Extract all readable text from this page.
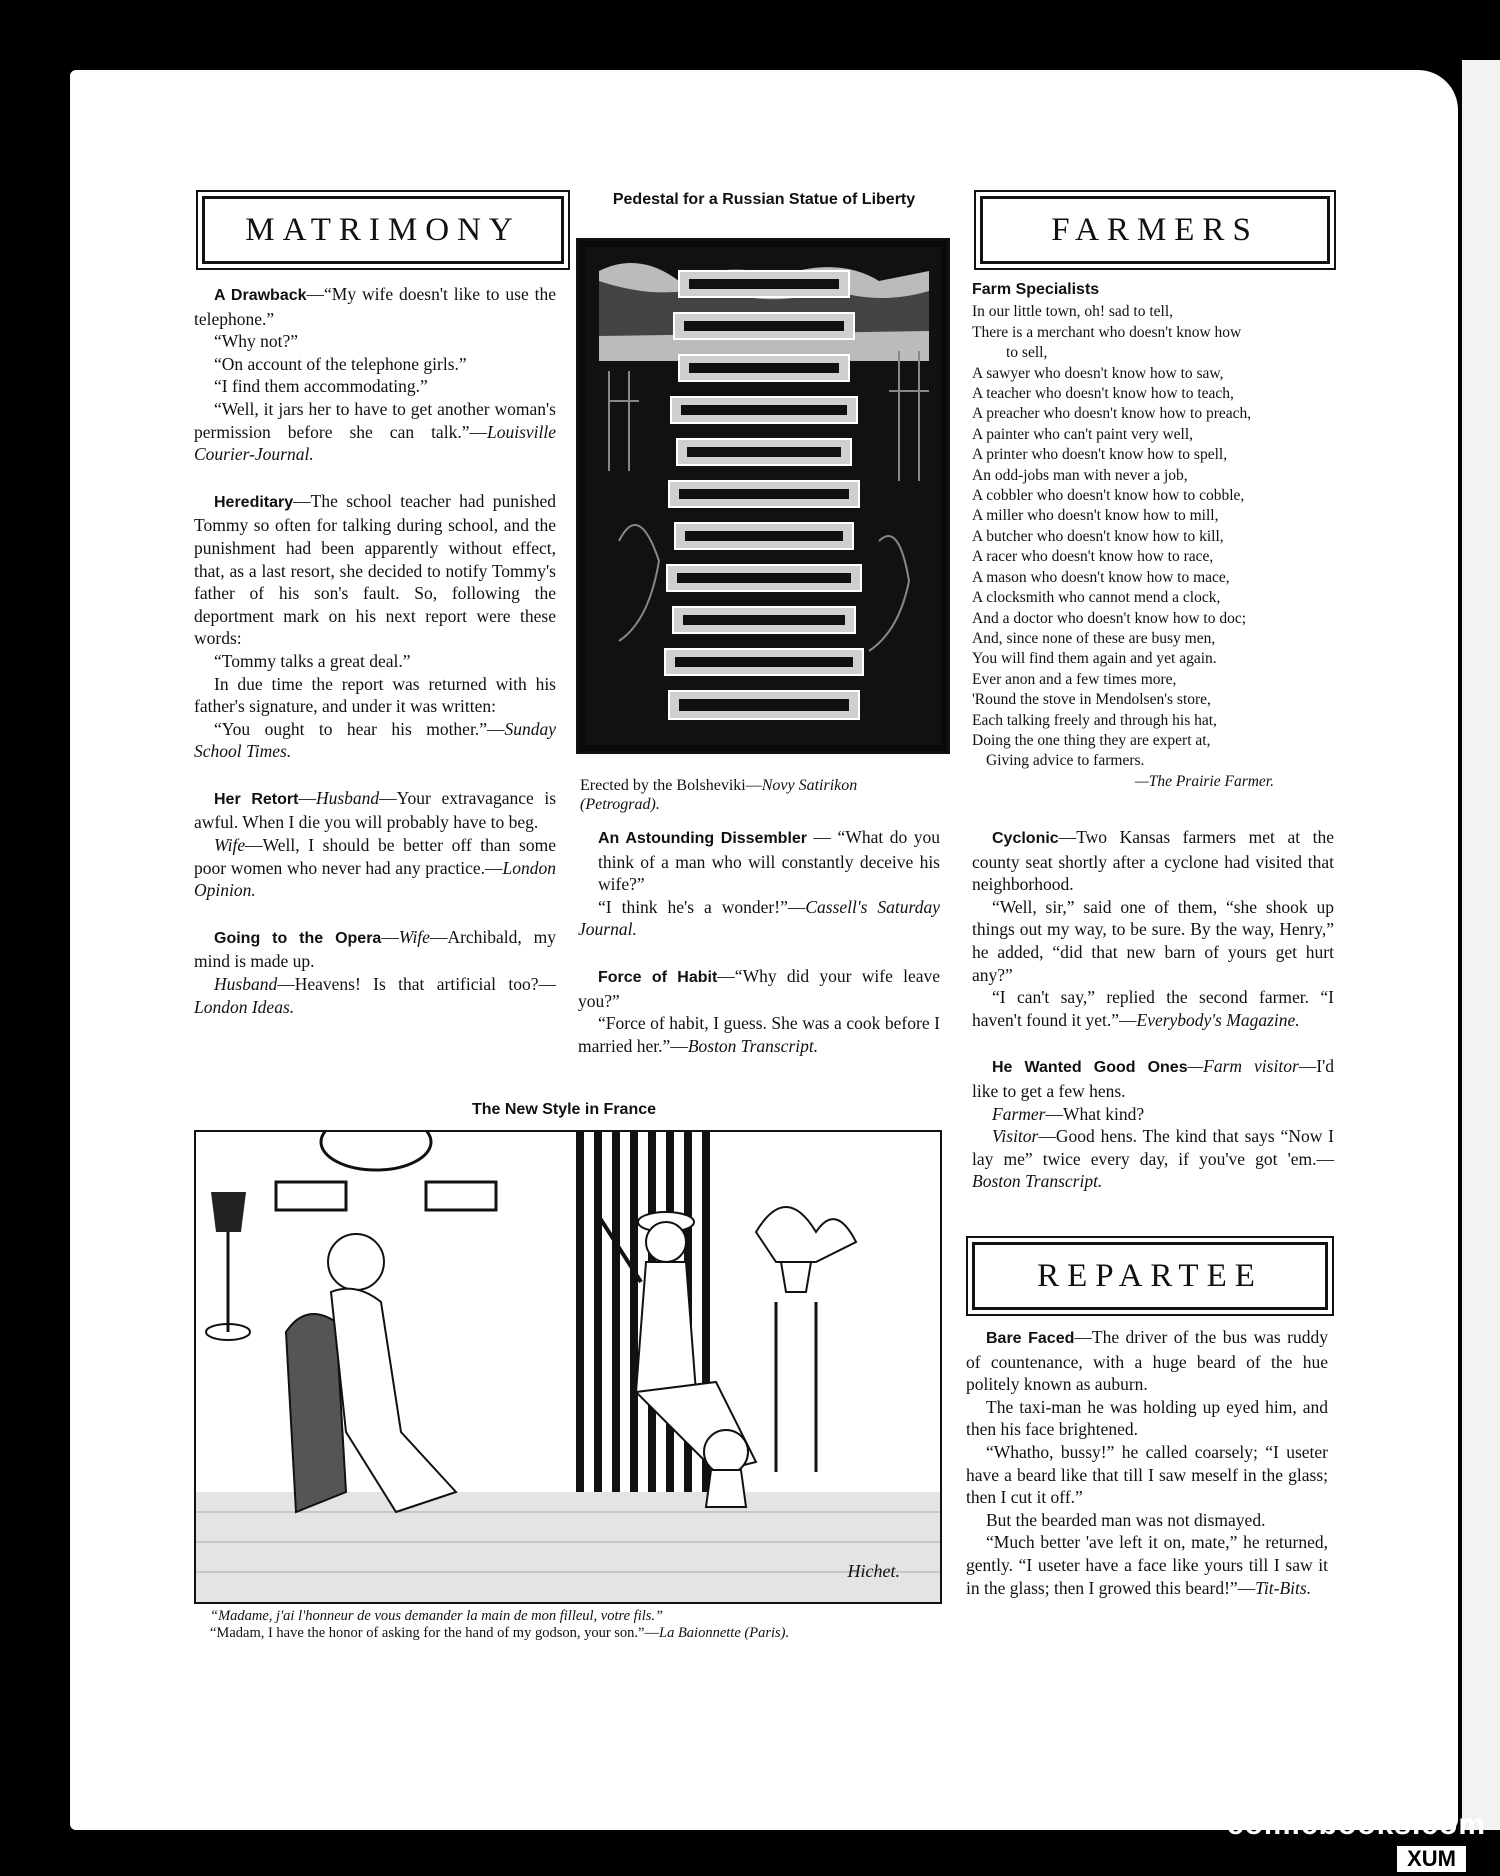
MATRIMONY

A Drawback—“My wife doesn't like to use the telephone.”

“Why not?”

“On account of the telephone girls.”

“I find them accommodating.”

“Well, it jars her to have to get another woman's permission before she can talk.”—Louisville Courier-Journal.

Hereditary—The school teacher had punished Tommy so often for talking during school, and the punishment had been apparently without effect, that, as a last resort, she decided to notify Tommy's father of his son's fault. So, following the deportment mark on his next report were these words:

“Tommy talks a great deal.”

In due time the report was returned with his father's signature, and under it was written:

“You ought to hear his mother.”—Sunday School Times.

Her Retort—Husband—Your extravagance is awful. When I die you will probably have to beg.

Wife—Well, I should be better off than some poor women who never had any practice.—London Opinion.

Going to the Opera—Wife—Archibald, my mind is made up.

Husband—Heavens! Is that artificial too?—London Ideas.

Pedestal for a Russian Statue of Liberty
Erected by the Bolsheviki—Novy Satirikon (Petrograd).

An Astounding Dissembler — “What do you think of a man who will constantly deceive his wife?”

“I think he's a wonder!”—Cassell's Saturday Journal.

Force of Habit—“Why did your wife leave you?”

“Force of habit, I guess. She was a cook before I married her.”—Boston Transcript.

FARMERS

Farm Specialists

In our little town, oh! sad to tell,

There is a merchant who doesn't know how

to sell,

A sawyer who doesn't know how to saw,

A teacher who doesn't know how to teach,

A preacher who doesn't know how to preach,

A painter who can't paint very well,

A printer who doesn't know how to spell,

An odd-jobs man with never a job,

A cobbler who doesn't know how to cobble,

A miller who doesn't know how to mill,

A butcher who doesn't know how to kill,

A racer who doesn't know how to race,

A mason who doesn't know how to mace,

A clocksmith who cannot mend a clock,

And a doctor who doesn't know how to doc;

And, since none of these are busy men,

You will find them again and yet again.

Ever anon and a few times more,

'Round the stove in Mendolsen's store,

Each talking freely and through his hat,

Doing the one thing they are expert at,

Giving advice to farmers.

—The Prairie Farmer.

Cyclonic—Two Kansas farmers met at the county seat shortly after a cyclone had visited that neighborhood.

“Well, sir,” said one of them, “she shook up things out my way, to be sure. By the way, Henry,” he added, “did that new barn of yours get hurt any?”

“I can't say,” replied the second farmer. “I haven't found it yet.”—Everybody's Magazine.

He Wanted Good Ones—Farm visitor—I'd like to get a few hens.

Farmer—What kind?

Visitor—Good hens. The kind that says “Now I lay me” twice every day, if you've got 'em.—Boston Transcript.

REPARTEE

Bare Faced—The driver of the bus was ruddy of countenance, with a huge beard of the hue politely known as auburn.

The taxi-man he was holding up eyed him, and then his face brightened.

“Whatho, bussy!” he called coarsely; “I useter have a beard like that till I saw meself in the glass; then I cut it off.”

But the bearded man was not dismayed.

“Much better 'ave left it on, mate,” he returned, gently. “I useter have a face like yours till I saw it in the glass; then I growed this beard!”—Tit-Bits.

The New Style in France
Hichet.
“Madame, j'ai l'honneur de vous demander la main de mon filleul, votre fils.”
“Madam, I have the honor of asking for the hand of my godson, your son.”—La Baionnette (Paris).
comicbooks.com
XUM
